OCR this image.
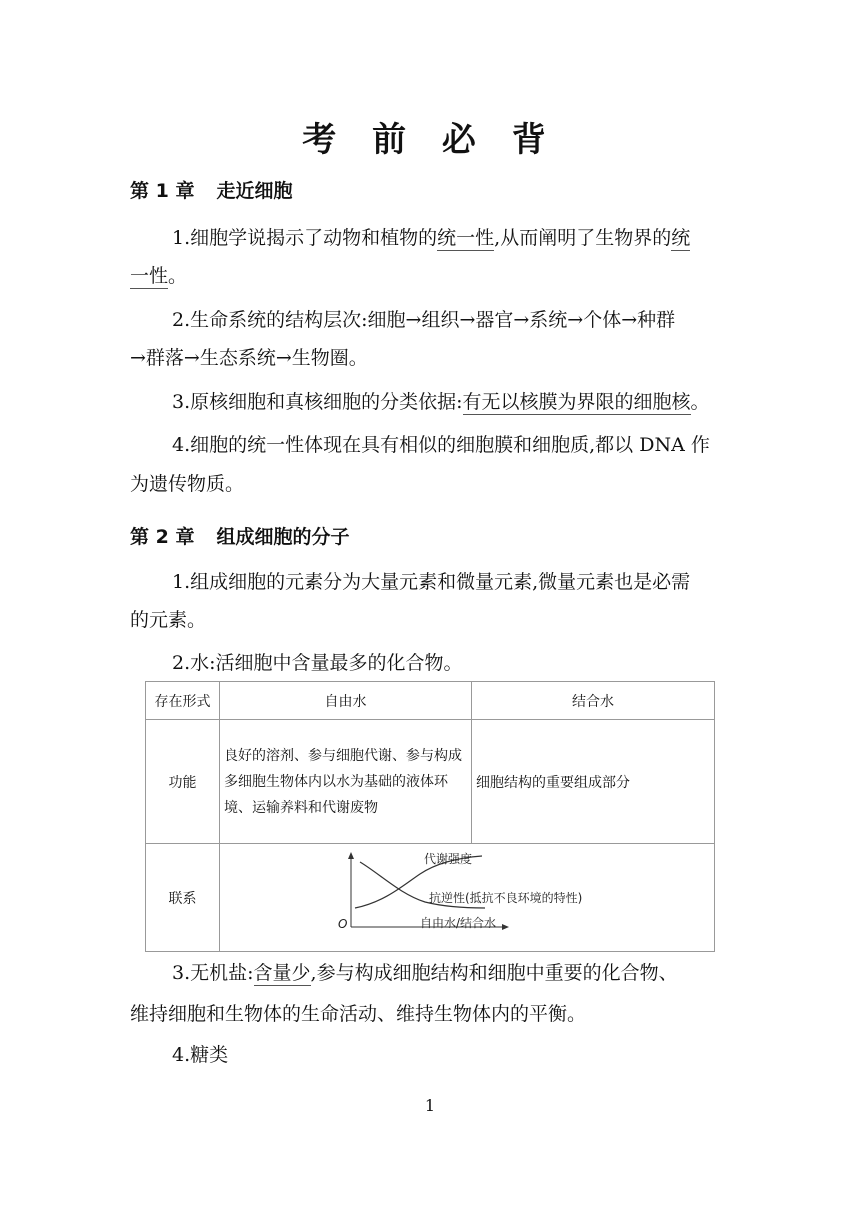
考 前 必 背
第 1 章 走近细胞
1.细胞学说揭示了动物和植物的统一性,从而阐明了生物界的统
一性。
2.生命系统的结构层次:细胞→组织→器官→系统→个体→种群
→群落→生态系统→生物圈。
3.原核细胞和真核细胞的分类依据:有无以核膜为界限的细胞核。
4.细胞的统一性体现在具有相似的细胞膜和细胞质,都以 DNA 作
为遗传物质。
第 2 章 组成细胞的分子
1.组成细胞的元素分为大量元素和微量元素,微量元素也是必需
的元素。
2.水:活细胞中含量最多的化合物。
存在形式	自由水	结合水
功能	良好的溶剂、参与细胞代谢、参与构成多细胞生物体内以水为基础的液体环境、运输养料和代谢废物	细胞结构的重要组成部分
联系	代谢强度
抗逆性(抵抗不良环境的特性)
O 自由水/结合水	
3.无机盐:含量少,参与构成细胞结构和细胞中重要的化合物、
维持细胞和生物体的生命活动、维持生物体内的平衡。
4.糖类
1
